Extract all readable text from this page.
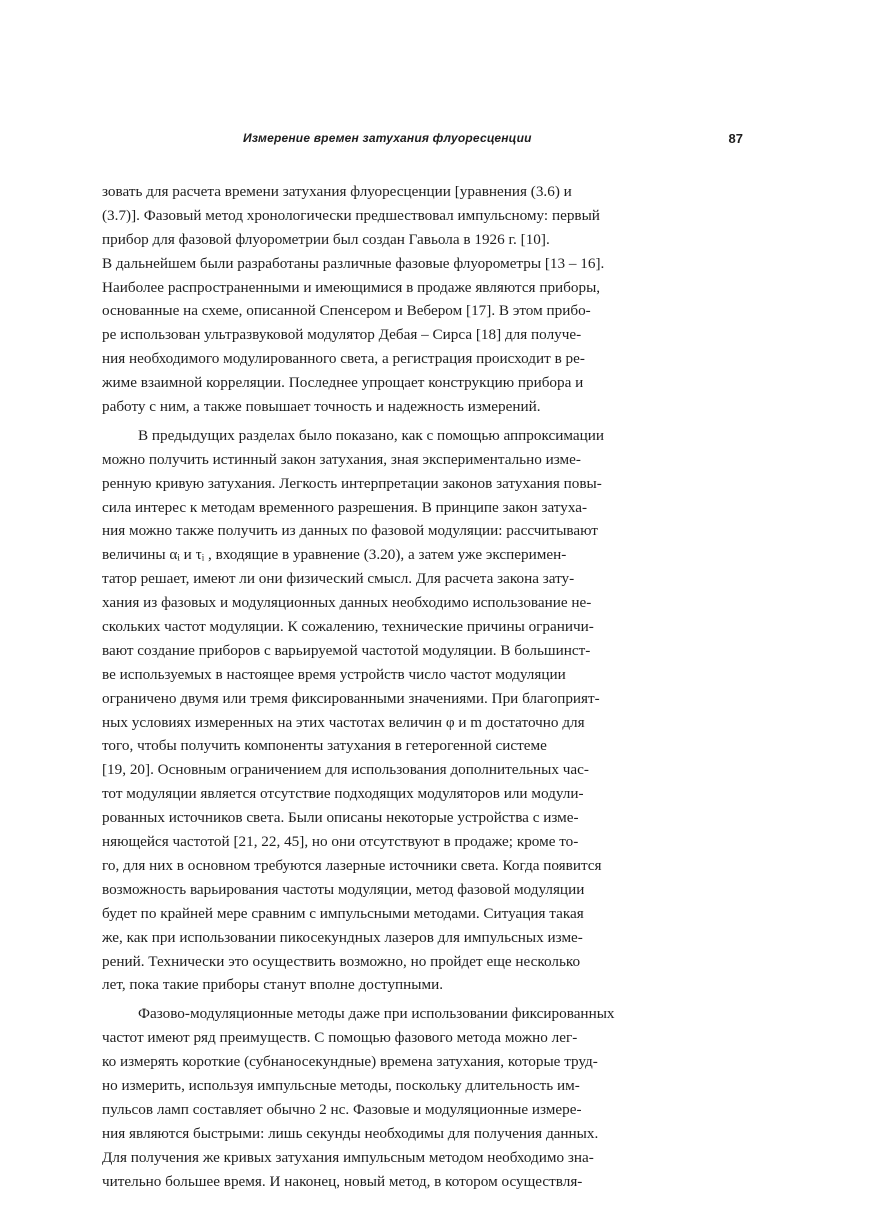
Измерение времен затухания флуоресценции	87

зовать для расчета времени затухания флуоресценции [уравнения (3.6) и
(3.7)]. Фазовый метод хронологически предшествовал импульсному: первый
прибор для фазовой флуорометрии был создан Гавьола в 1926 г. [10].
В дальнейшем были разработаны различные фазовые флуорометры [13 – 16].
Наиболее распространенными и имеющимися в продаже являются приборы,
основанные на схеме, описанной Спенсером и Вебером [17]. В этом прибо-
ре использован ультразвуковой модулятор Дебая – Сирса [18] для получе-
ния необходимого модулированного света, а регистрация происходит в ре-
жиме взаимной корреляции. Последнее упрощает конструкцию прибора и
работу с ним, а также повышает точность и надежность измерений.

В предыдущих разделах было показано, как с помощью аппроксимации
можно получить истинный закон затухания, зная экспериментально изме-
ренную кривую затухания. Легкость интерпретации законов затухания повы-
сила интерес к методам временного разрешения. В принципе закон затуха-
ния можно также получить из данных по фазовой модуляции: рассчитывают
величины αᵢ и τᵢ , входящие в уравнение (3.20), а затем уже эксперимен-
татор решает, имеют ли они физический смысл. Для расчета закона зату-
хания из фазовых и модуляционных данных необходимо использование не-
скольких частот модуляции. К сожалению, технические причины ограничи-
вают создание приборов с варьируемой частотой модуляции. В большинст-
ве используемых в настоящее время устройств число частот модуляции
ограничено двумя или тремя фиксированными значениями. При благоприят-
ных условиях измеренных на этих частотах величин φ и m достаточно для
того, чтобы получить компоненты затухания в гетерогенной системе
[19, 20]. Основным ограничением для использования дополнительных час-
тот модуляции является отсутствие подходящих модуляторов или модули-
рованных источников света. Были описаны некоторые устройства с изме-
няющейся частотой [21, 22, 45], но они отсутствуют в продаже; кроме то-
го, для них в основном требуются лазерные источники света. Когда появится
возможность варьирования частоты модуляции, метод фазовой модуляции
будет по крайней мере сравним с импульсными методами. Ситуация такая
же, как при использовании пикосекундных лазеров для импульсных изме-
рений. Технически это осуществить возможно, но пройдет еще несколько
лет, пока такие приборы станут вполне доступными.

Фазово-модуляционные методы даже при использовании фиксированных
частот имеют ряд преимуществ. С помощью фазового метода можно лег-
ко измерять короткие (субнаносекундные) времена затухания, которые труд-
но измерить, используя импульсные методы, поскольку длительность им-
пульсов ламп составляет обычно 2 нс. Фазовые и модуляционные измере-
ния являются быстрыми: лишь секунды необходимы для получения данных.
Для получения же кривых затухания импульсным методом необходимо зна-
чительно большее время. И наконец, новый метод, в котором осуществля-
